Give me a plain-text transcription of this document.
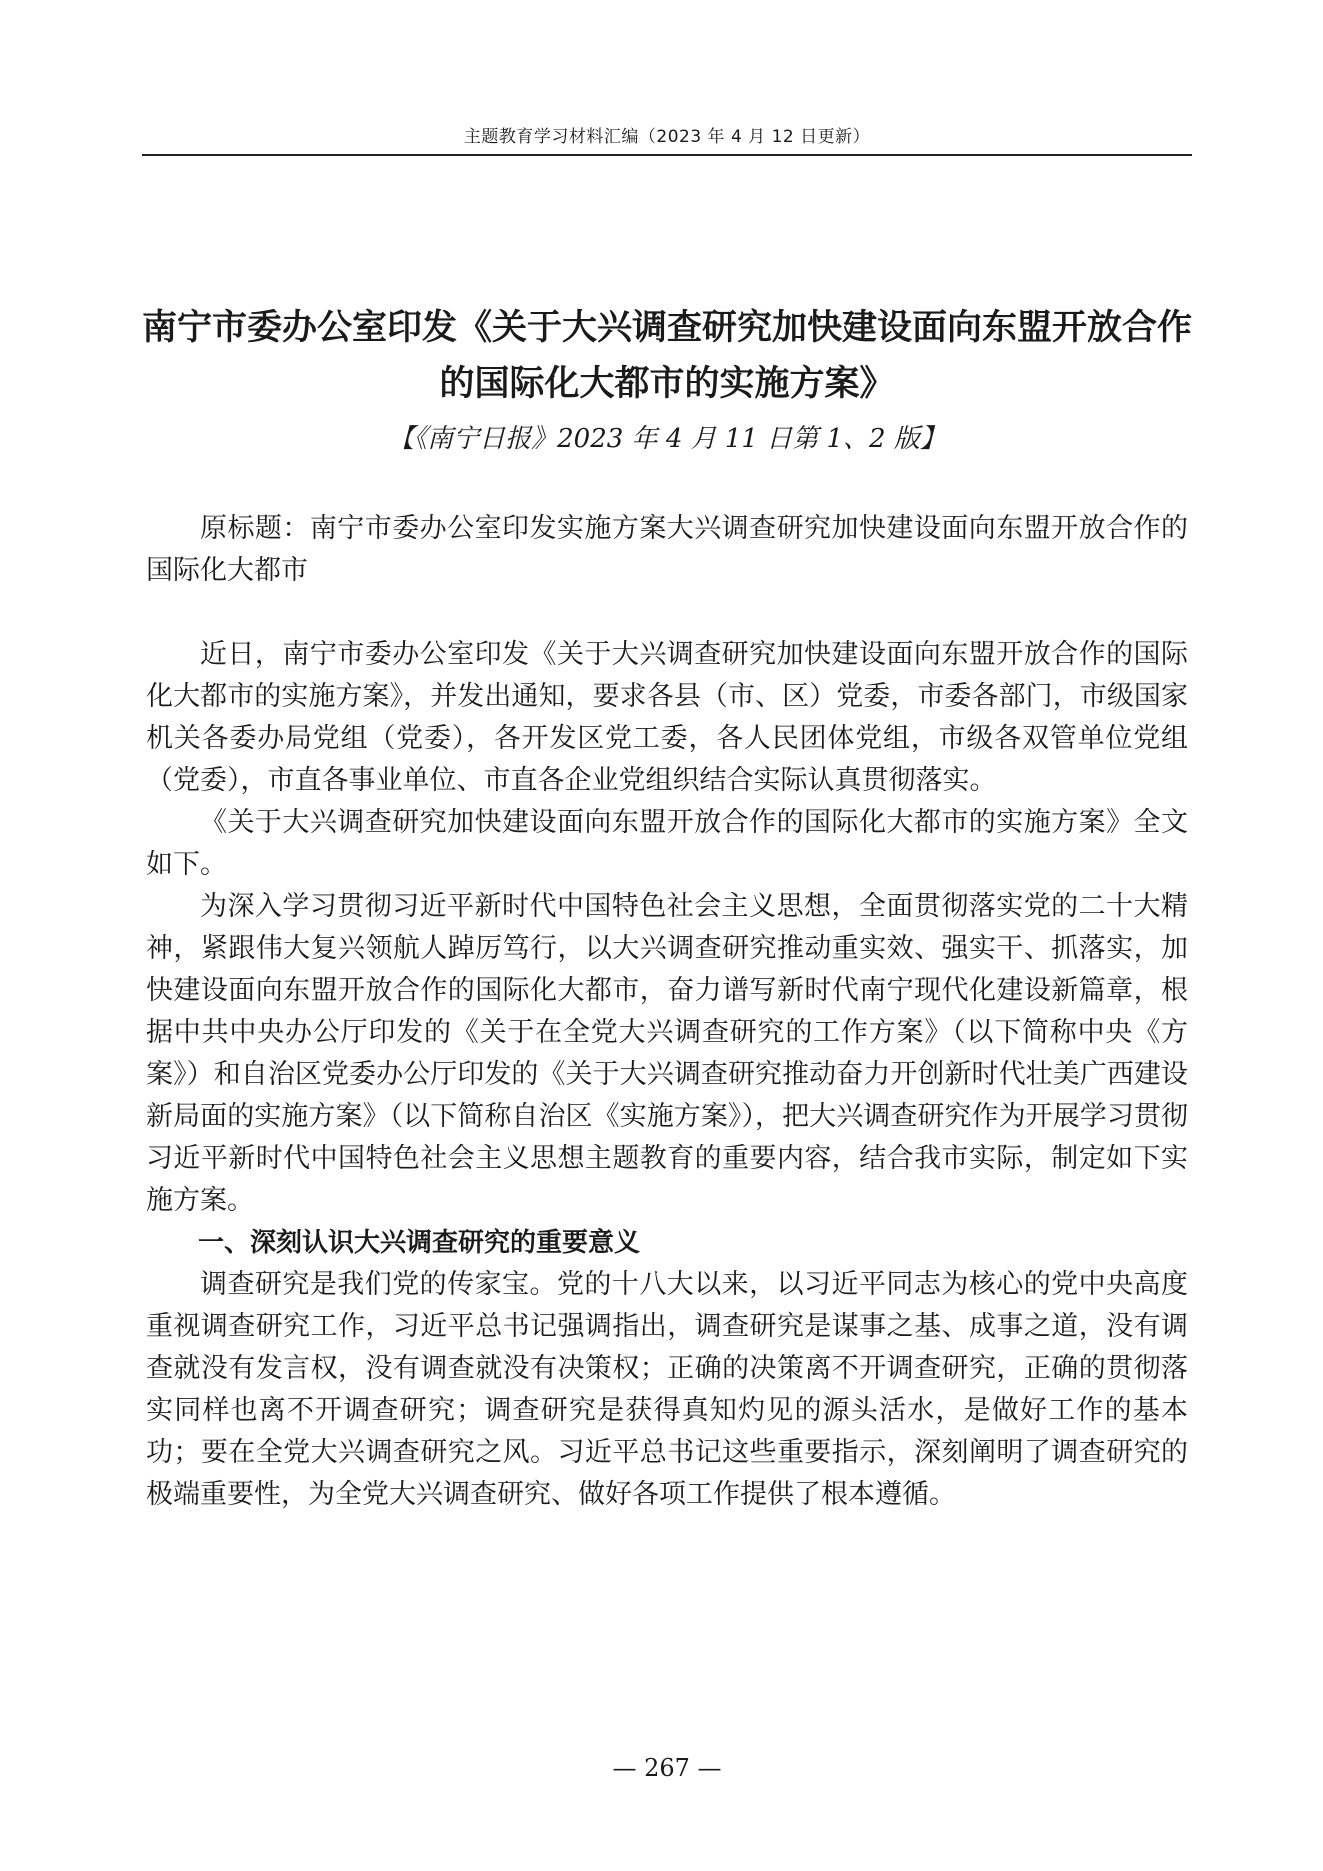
主题教育学习材料汇编（2023 年 4 月 12 日更新）
南宁市委办公室印发《关于大兴调查研究加快建设面向东盟开放合作的国际化大都市的实施方案》
【《南宁日报》2023 年 4 月 11 日第 1、2 版】

原标题：南宁市委办公室印发实施方案大兴调查研究加快建设面向东盟开放合作的国际化大都市

近日，南宁市委办公室印发《关于大兴调查研究加快建设面向东盟开放合作的国际化大都市的实施方案》，并发出通知，要求各县（市、区）党委，市委各部门，市级国家机关各委办局党组（党委），各开发区党工委，各人民团体党组，市级各双管单位党组（党委），市直各事业单位、市直各企业党组织结合实际认真贯彻落实。

《关于大兴调查研究加快建设面向东盟开放合作的国际化大都市的实施方案》全文如下。

为深入学习贯彻习近平新时代中国特色社会主义思想，全面贯彻落实党的二十大精神，紧跟伟大复兴领航人踔厉笃行，以大兴调查研究推动重实效、强实干、抓落实，加快建设面向东盟开放合作的国际化大都市，奋力谱写新时代南宁现代化建设新篇章，根据中共中央办公厅印发的《关于在全党大兴调查研究的工作方案》（以下简称中央《方案》）和自治区党委办公厅印发的《关于大兴调查研究推动奋力开创新时代壮美广西建设新局面的实施方案》（以下简称自治区《实施方案》），把大兴调查研究作为开展学习贯彻习近平新时代中国特色社会主义思想主题教育的重要内容，结合我市实际，制定如下实施方案。

一、深刻认识大兴调查研究的重要意义

调查研究是我们党的传家宝。党的十八大以来，以习近平同志为核心的党中央高度重视调查研究工作，习近平总书记强调指出，调查研究是谋事之基、成事之道，没有调查就没有发言权，没有调查就没有决策权；正确的决策离不开调查研究，正确的贯彻落实同样也离不开调查研究；调查研究是获得真知灼见的源头活水，是做好工作的基本功；要在全党大兴调查研究之风。习近平总书记这些重要指示，深刻阐明了调查研究的极端重要性，为全党大兴调查研究、做好各项工作提供了根本遵循。

— 267 —
